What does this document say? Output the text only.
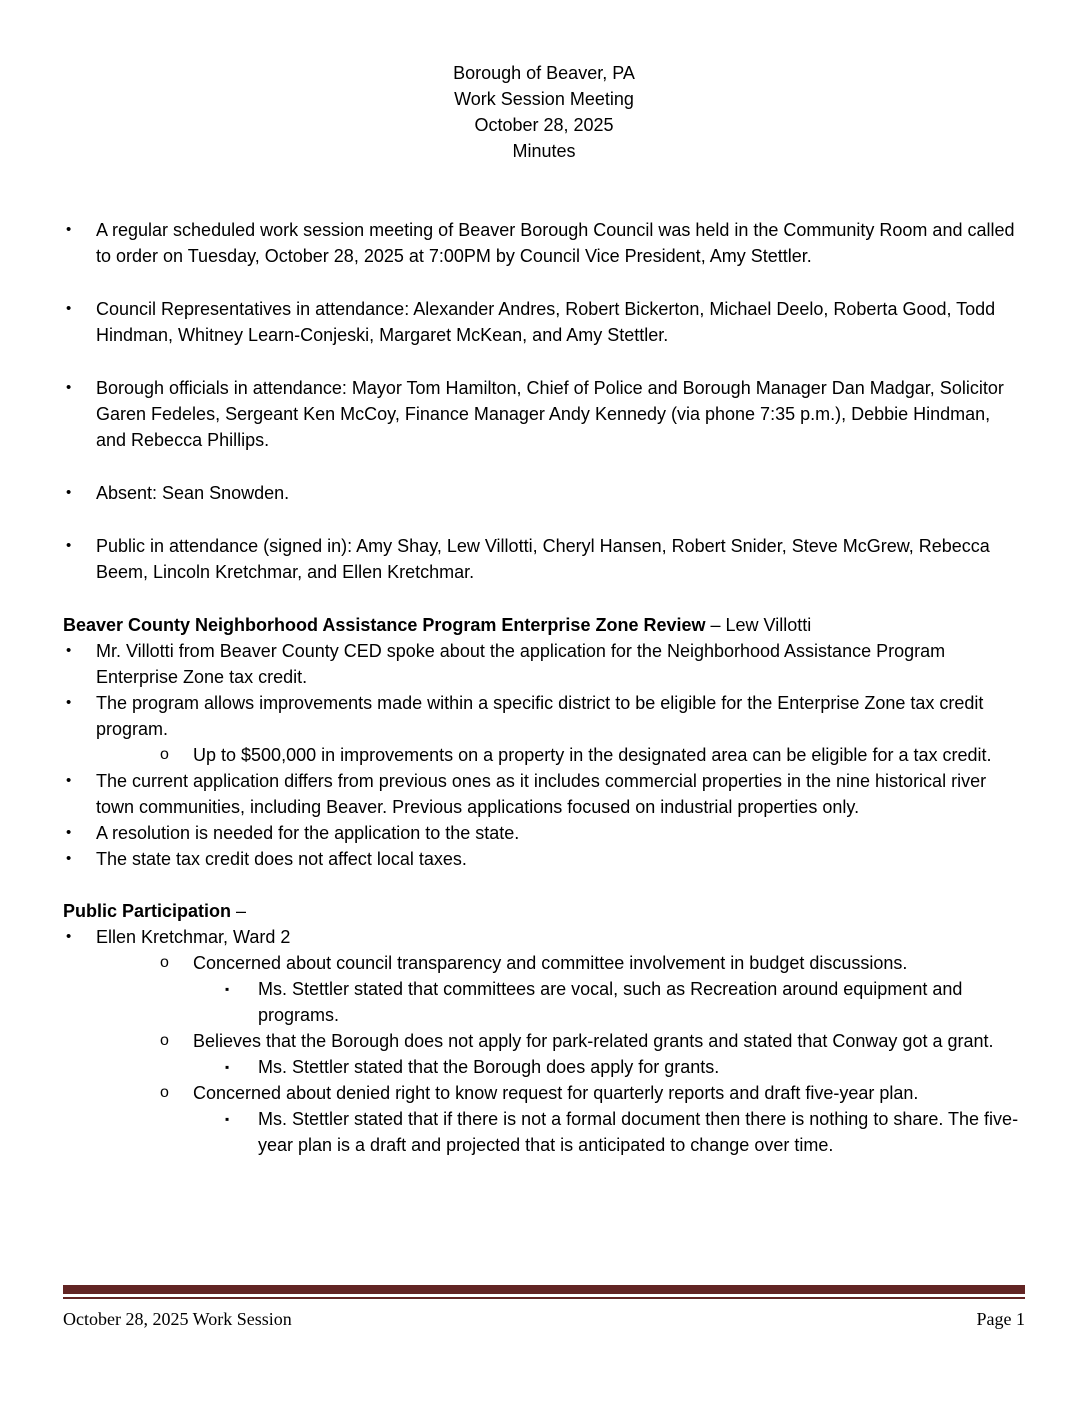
Borough of Beaver, PA
Work Session Meeting
October 28, 2025
Minutes
• A regular scheduled work session meeting of Beaver Borough Council was held in the Community Room and called to order on Tuesday, October 28, 2025 at 7:00PM by Council Vice President, Amy Stettler.
• Council Representatives in attendance: Alexander Andres, Robert Bickerton, Michael Deelo, Roberta Good, Todd Hindman, Whitney Learn-Conjeski, Margaret McKean, and Amy Stettler.
• Borough officials in attendance: Mayor Tom Hamilton, Chief of Police and Borough Manager Dan Madgar, Solicitor Garen Fedeles, Sergeant Ken McCoy, Finance Manager Andy Kennedy (via phone 7:35 p.m.), Debbie Hindman, and Rebecca Phillips.
• Absent: Sean Snowden.
• Public in attendance (signed in): Amy Shay, Lew Villotti, Cheryl Hansen, Robert Snider, Steve McGrew, Rebecca Beem, Lincoln Kretchmar, and Ellen Kretchmar.
Beaver County Neighborhood Assistance Program Enterprise Zone Review – Lew Villotti
• Mr. Villotti from Beaver County CED spoke about the application for the Neighborhood Assistance Program Enterprise Zone tax credit.
• The program allows improvements made within a specific district to be eligible for the Enterprise Zone tax credit program.
o Up to $500,000 in improvements on a property in the designated area can be eligible for a tax credit.
• The current application differs from previous ones as it includes commercial properties in the nine historical river town communities, including Beaver. Previous applications focused on industrial properties only.
• A resolution is needed for the application to the state.
• The state tax credit does not affect local taxes.
Public Participation –
• Ellen Kretchmar, Ward 2
o Concerned about council transparency and committee involvement in budget discussions.
▪ Ms. Stettler stated that committees are vocal, such as Recreation around equipment and programs.
o Believes that the Borough does not apply for park-related grants and stated that Conway got a grant.
▪ Ms. Stettler stated that the Borough does apply for grants.
o Concerned about denied right to know request for quarterly reports and draft five-year plan.
▪ Ms. Stettler stated that if there is not a formal document then there is nothing to share. The five-year plan is a draft and projected that is anticipated to change over time.
October 28, 2025 Work Session	Page 1
